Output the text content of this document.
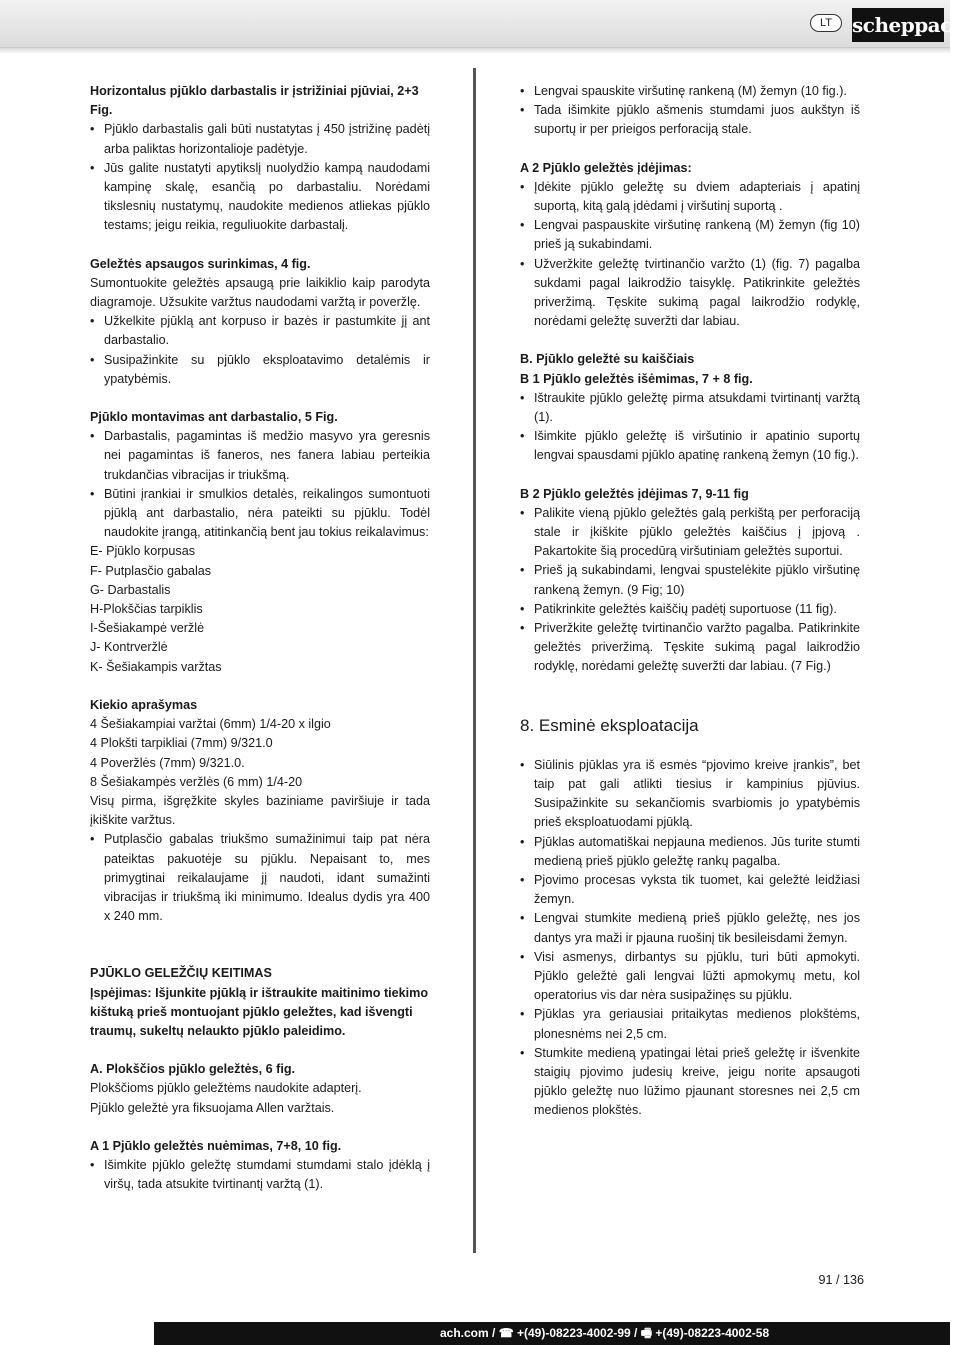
LT scheppach
Horizontalus pjūklo darbastalis ir įstrižiniai pjūviai, 2+3 Fig.
• Pjūklo darbastalis gali būti nustatytas į 450 įstrižinę padėtį arba paliktas horizontalioje padėtyje.
• Jūs galite nustatyti apytikslį nuolydžio kampą naudodami kampinę skalę, esančią po darbastaliu. Norėdami tikslesnių nustatymų, naudokite medienos atliekas pjūklo testams; jeigu reikia, reguliuokite darbastalį.
Geležtės apsaugos surinkimas, 4 fig.
Sumontuokite geležtės apsaugą prie laikiklio kaip parodyta diagramoje. Užsukite varžtus naudodami varžtą ir poveržlę.
• Užkelkite pjūklą ant korpuso ir bazės ir pastumkite jį ant darbastalio.
• Susipažinkite su pjūklo eksploatavimo detalėmis ir ypatybėmis.
Pjūklo montavimas ant darbastalio, 5 Fig.
• Darbastalis, pagamintas iš medžio masyvo yra geresnis nei pagamintas iš faneros, nes fanera labiau perteikia trukdančias vibracijas ir triukšmą.
• Būtini įrankiai ir smulkios detalės, reikalingos sumontuoti pjūklą ant darbastalio, nėra pateikti su pjūklu. Todėl naudokite įrangą, atitinkančią bent jau tokius reikalavimus:
E- Pjūklo korpusas
F- Putplasčio gabalas
G- Darbastalis
H-Plokščias tarpiklis
I-Šešiakampė veržlė
J- Kontrveržlė
K- Šešiakampis varžtas
Kiekio aprašymas
4 Šešiakampiai varžtai (6mm) 1/4-20 x ilgio
4 Plokšti tarpikliai (7mm) 9/321.0
4 Poveržlės (7mm) 9/321.0.
8 Šešiakampės veržlės (6 mm) 1/4-20
Visų pirma, išgręžkite skyles baziniame paviršiuje ir tada įkiškite varžtus.
• Putplasčio gabalas triukšmo sumažinimui taip pat nėra pateiktas pakuotėje su pjūklu. Nepaisant to, mes primygtinai reikalaujame jį naudoti, idant sumažinti vibracijas ir triukšmą iki minimumo. Idealus dydis yra 400 x 240 mm.
PJŪKLO GELEŽČIŲ KEITIMAS
Įspėjimas: Išjunkite pjūklą ir ištraukite maitinimo tiekimo kištuką prieš montuojant pjūklo geležtes, kad išvengti traumų, sukeltų nelaukto pjūklo paleidimo.
A. Plokščios pjūklo geležtės, 6 fig.
Plokščioms pjūklo geležtėms naudokite adapterį.
Pjūklo geležtė yra fiksuojama Allen varžtais.
A 1 Pjūklo geležtės nuėmimas, 7+8, 10 fig.
• Išimkite pjūklo geležtę stumdami stumdami stalo įdėklą į viršų, tada atsukite tvirtinantį varžtą (1).
• Lengvai spauskite viršutinę rankeną (M) žemyn (10 fig.).
• Tada išimkite pjūklo ašmenis stumdami juos aukštyn iš suportų ir per prieigos perforaciją stale.
A 2 Pjūklo geležtės įdėjimas:
• Įdėkite pjūklo geležtę su dviem adapteriais į apatinį suportą, kitą galą įdėdami į viršutinį suportą .
• Lengvai paspauskite viršutinę rankeną (M) žemyn (fig 10) prieš ją sukabindami.
• Užveržkite geležtę tvirtinančio varžto (1) (fig. 7) pagalba sukdami pagal laikrodžio taisyklę. Patikrinkite geležtės priveržimą. Tęskite sukimą pagal laikrodžio rodyklę, norėdami geležtę suveržti dar labiau.
B. Pjūklo geležtė su kaiščiais
B 1 Pjūklo geležtės išėmimas, 7 + 8 fig.
• Ištraukite pjūklo geležtę pirma atsukdami tvirtinantį varžtą (1).
• Išimkite pjūklo geležtę iš viršutinio ir apatinio suportų lengvai spausdami pjūklo apatinę rankeną žemyn (10 fig.).
B 2 Pjūklo geležtės įdėjimas 7, 9-11 fig
• Palikite vieną pjūklo geležtės galą perkištą per perforaciją stale ir įkiškite pjūklo geležtės kaiščius į įpjovą . Pakartokite šią procedūrą viršutiniam geležtės suportui.
• Prieš ją sukabindami, lengvai spustelėkite pjūklo viršutinę rankeną žemyn. (9 Fig; 10)
• Patikrinkite geležtės kaiščių padėtį suportuose (11 fig).
• Priveržkite geležtę tvirtinančio varžto pagalba. Patikrinkite geležtės priveržimą. Tęskite sukimą pagal laikrodžio rodyklę, norėdami geležtę suveržti dar labiau. (7 Fig.)
8. Esminė eksploatacija
• Siūlinis pjūklas yra iš esmės “pjovimo kreive įrankis”, bet taip pat gali atlikti tiesius ir kampinius pjūvius. Susipažinkite su sekančiomis svarbiomis jo ypatybėmis prieš eksploatuodami pjūklą.
• Pjūklas automatiškai nepjauna medienos. Jūs turite stumti medieną prieš pjūklo geležtę rankų pagalba.
• Pjovimo procesas vyksta tik tuomet, kai geležtė leidžiasi žemyn.
• Lengvai stumkite medieną prieš pjūklo geležtę, nes jos dantys yra maži ir pjauna ruošinį tik besileisdami žemyn.
• Visi asmenys, dirbantys su pjūklu, turi būti apmokyti. Pjūklo geležtė gali lengvai lūžti apmokymų metu, kol operatorius vis dar nėra susipažinęs su pjūklu.
• Pjūklas yra geriausiai pritaikytas medienos plokštėms, plonesnėms nei 2,5 cm.
• Stumkite medieną ypatingai lėtai prieš geležtę ir išvenkite staigių pjovimo judesių kreive, jeigu norite apsaugoti pjūklo geležtę nuo lūžimo pjaunant storesnes nei 2,5 cm medienos plokštės.
91 / 136
ach.com / ☎ +(49)-08223-4002-99 / 🖷 +(49)-08223-4002-58
